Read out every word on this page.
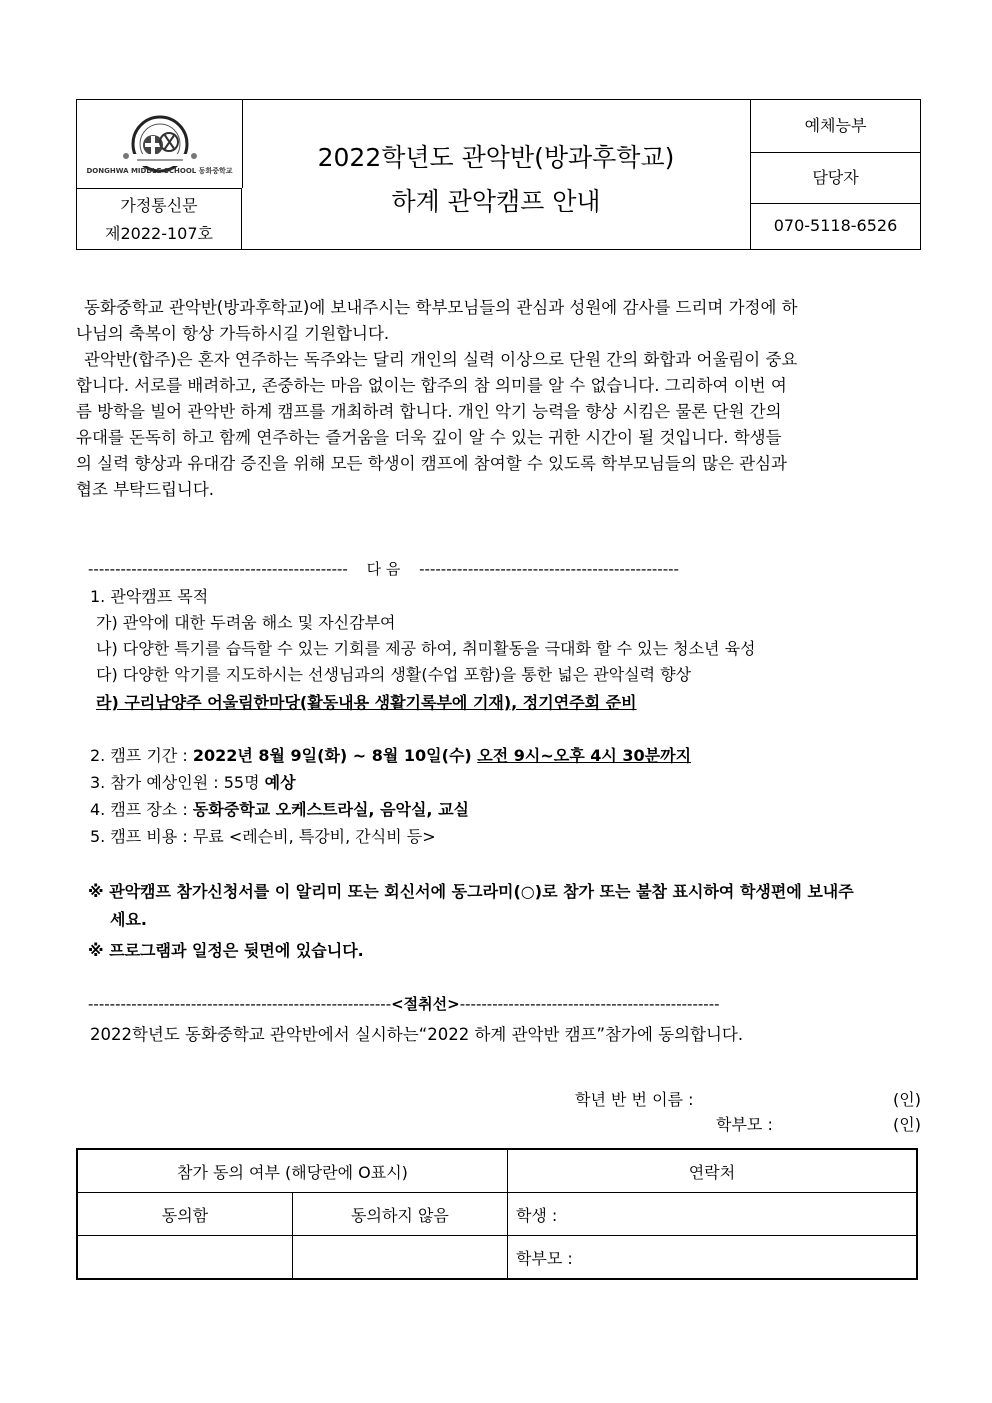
DONGHWA MIDDLE SCHOOL 동화중학교
가정통신문
제2022-107호
2022학년도 관악반(방과후학교)
하계 관악캠프 안내
예체능부
담당자
070-5118-6526
동화중학교 관악반(방과후학교)에 보내주시는 학부모님들의 관심과 성원에 감사를 드리며 가정에 하
나님의 축복이 항상 가득하시길 기원합니다.
관악반(합주)은 혼자 연주하는 독주와는 달리 개인의 실력 이상으로 단원 간의 화합과 어울림이 중요
합니다. 서로를 배려하고, 존중하는 마음 없이는 합주의 참 의미를 알 수 없습니다. 그리하여 이번 여
름 방학을 빌어 관악반 하계 캠프를 개최하려 합니다. 개인 악기 능력을 향상 시킴은 물론 단원 간의
유대를 돈독히 하고 함께 연주하는 즐거움을 더욱 깊이 알 수 있는 귀한 시간이 될 것입니다. 학생들
의 실력 향상과 유대감 증진을 위해 모든 학생이 캠프에 참여할 수 있도록 학부모님들의 많은 관심과
협조 부탁드립니다.
------------------------------------------------ 다 음 ------------------------------------------------
1. 관악캠프 목적
가) 관악에 대한 두려움 해소 및 자신감부여
나) 다양한 특기를 습득할 수 있는 기회를 제공 하여, 취미활동을 극대화 할 수 있는 청소년 육성
다) 다양한 악기를 지도하시는 선생님과의 생활(수업 포함)을 통한 넓은 관악실력 향상
라) 구리남양주 어울림한마당(활동내용 생활기록부에 기재), 정기연주회 준비
2. 캠프 기간 : 2022년 8월 9일(화) ~ 8월 10일(수) 오전 9시~오후 4시 30분까지
3. 참가 예상인원 : 55명 예상
4. 캠프 장소 : 동화중학교 오케스트라실, 음악실, 교실
5. 캠프 비용 : 무료 <레슨비, 특강비, 간식비 등>
※ 관악캠프 참가신청서를 이 알리미 또는 회신서에 동그라미(○)로 참가 또는 불참 표시하여 학생편에 보내주
세요.
※ 프로그램과 일정은 뒷면에 있습니다.
--------------------------------------------------------<절취선>------------------------------------------------
2022학년도 동화중학교 관악반에서 실시하는“2022 하계 관악반 캠프”참가에 동의합니다.
학년 반 번 이름 :	(인)
학부모 :	(인)
참가 동의 여부 (해당란에 O표시)		연락처
동의함	동의하지 않음	학생 :
		학부모 :
